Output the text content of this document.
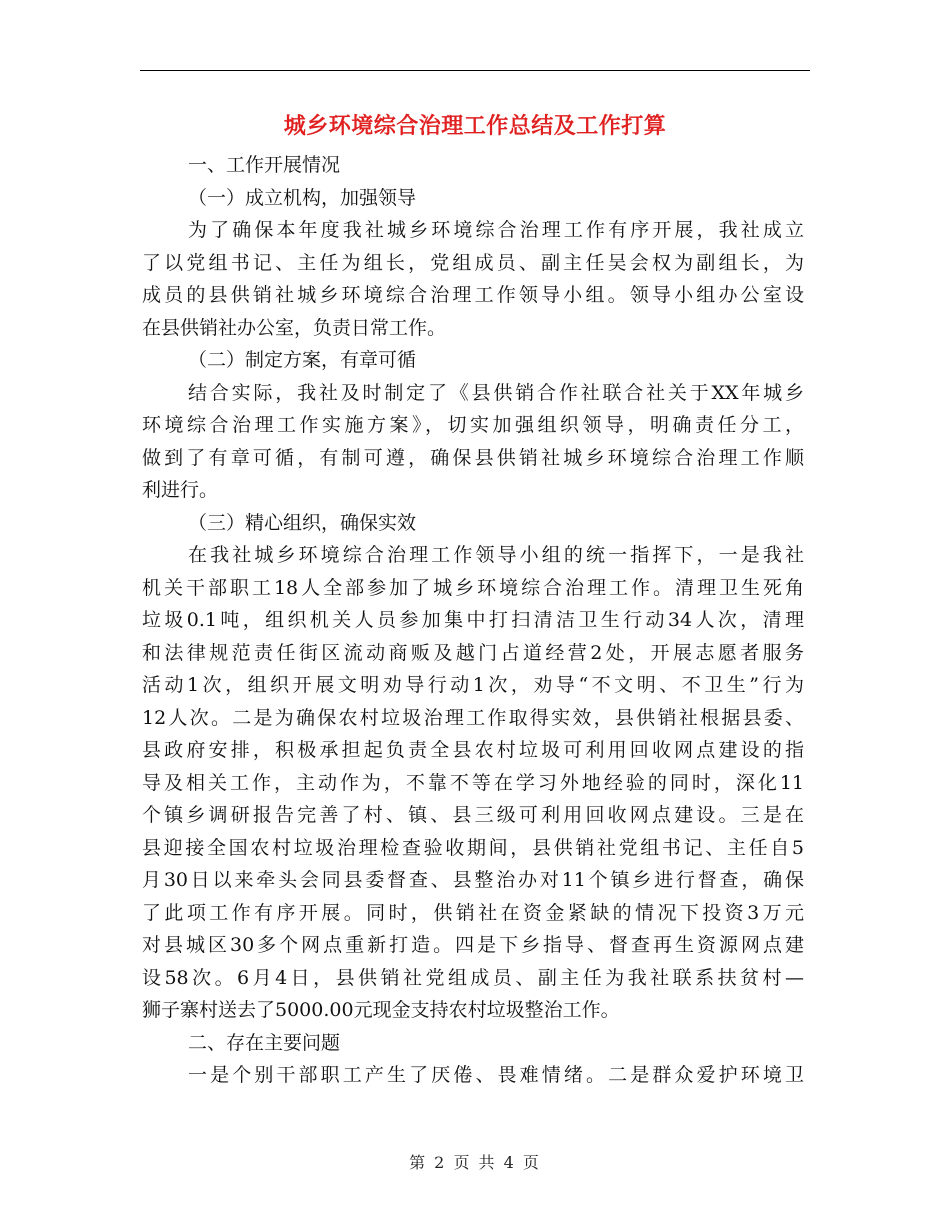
城乡环境综合治理工作总结及工作打算
一、工作开展情况
（一）成立机构，加强领导
为了确保本年度我社城乡环境综合治理工作有序开展，我社成立
了以党组书记、主任为组长，党组成员、副主任吴会权为副组长，为
成员的县供销社城乡环境综合治理工作领导小组。领导小组办公室设
在县供销社办公室，负责日常工作。
（二）制定方案，有章可循
结合实际，我社及时制定了《县供销合作社联合社关于XX年城乡
环境综合治理工作实施方案》，切实加强组织领导，明确责任分工，
做到了有章可循，有制可遵，确保县供销社城乡环境综合治理工作顺
利进行。
（三）精心组织，确保实效
在我社城乡环境综合治理工作领导小组的统一指挥下，一是我社
机关干部职工18人全部参加了城乡环境综合治理工作。清理卫生死角
垃圾0.1吨，组织机关人员参加集中打扫清洁卫生行动34人次，清理
和法律规范责任街区流动商贩及越门占道经营2处，开展志愿者服务
活动1次，组织开展文明劝导行动1次，劝导“不文明、不卫生”行为
12人次。二是为确保农村垃圾治理工作取得实效，县供销社根据县委、
县政府安排，积极承担起负责全县农村垃圾可利用回收网点建设的指
导及相关工作，主动作为，不靠不等在学习外地经验的同时，深化11
个镇乡调研报告完善了村、镇、县三级可利用回收网点建设。三是在
县迎接全国农村垃圾治理检查验收期间，县供销社党组书记、主任自5
月30日以来牵头会同县委督查、县整治办对11个镇乡进行督查，确保
了此项工作有序开展。同时，供销社在资金紧缺的情况下投资3万元
对县城区30多个网点重新打造。四是下乡指导、督查再生资源网点建
设58次。6月4日，县供销社党组成员、副主任为我社联系扶贫村—
狮子寨村送去了5000.00元现金支持农村垃圾整治工作。
二、存在主要问题
一是个别干部职工产生了厌倦、畏难情绪。二是群众爱护环境卫
第 2 页 共 4 页
